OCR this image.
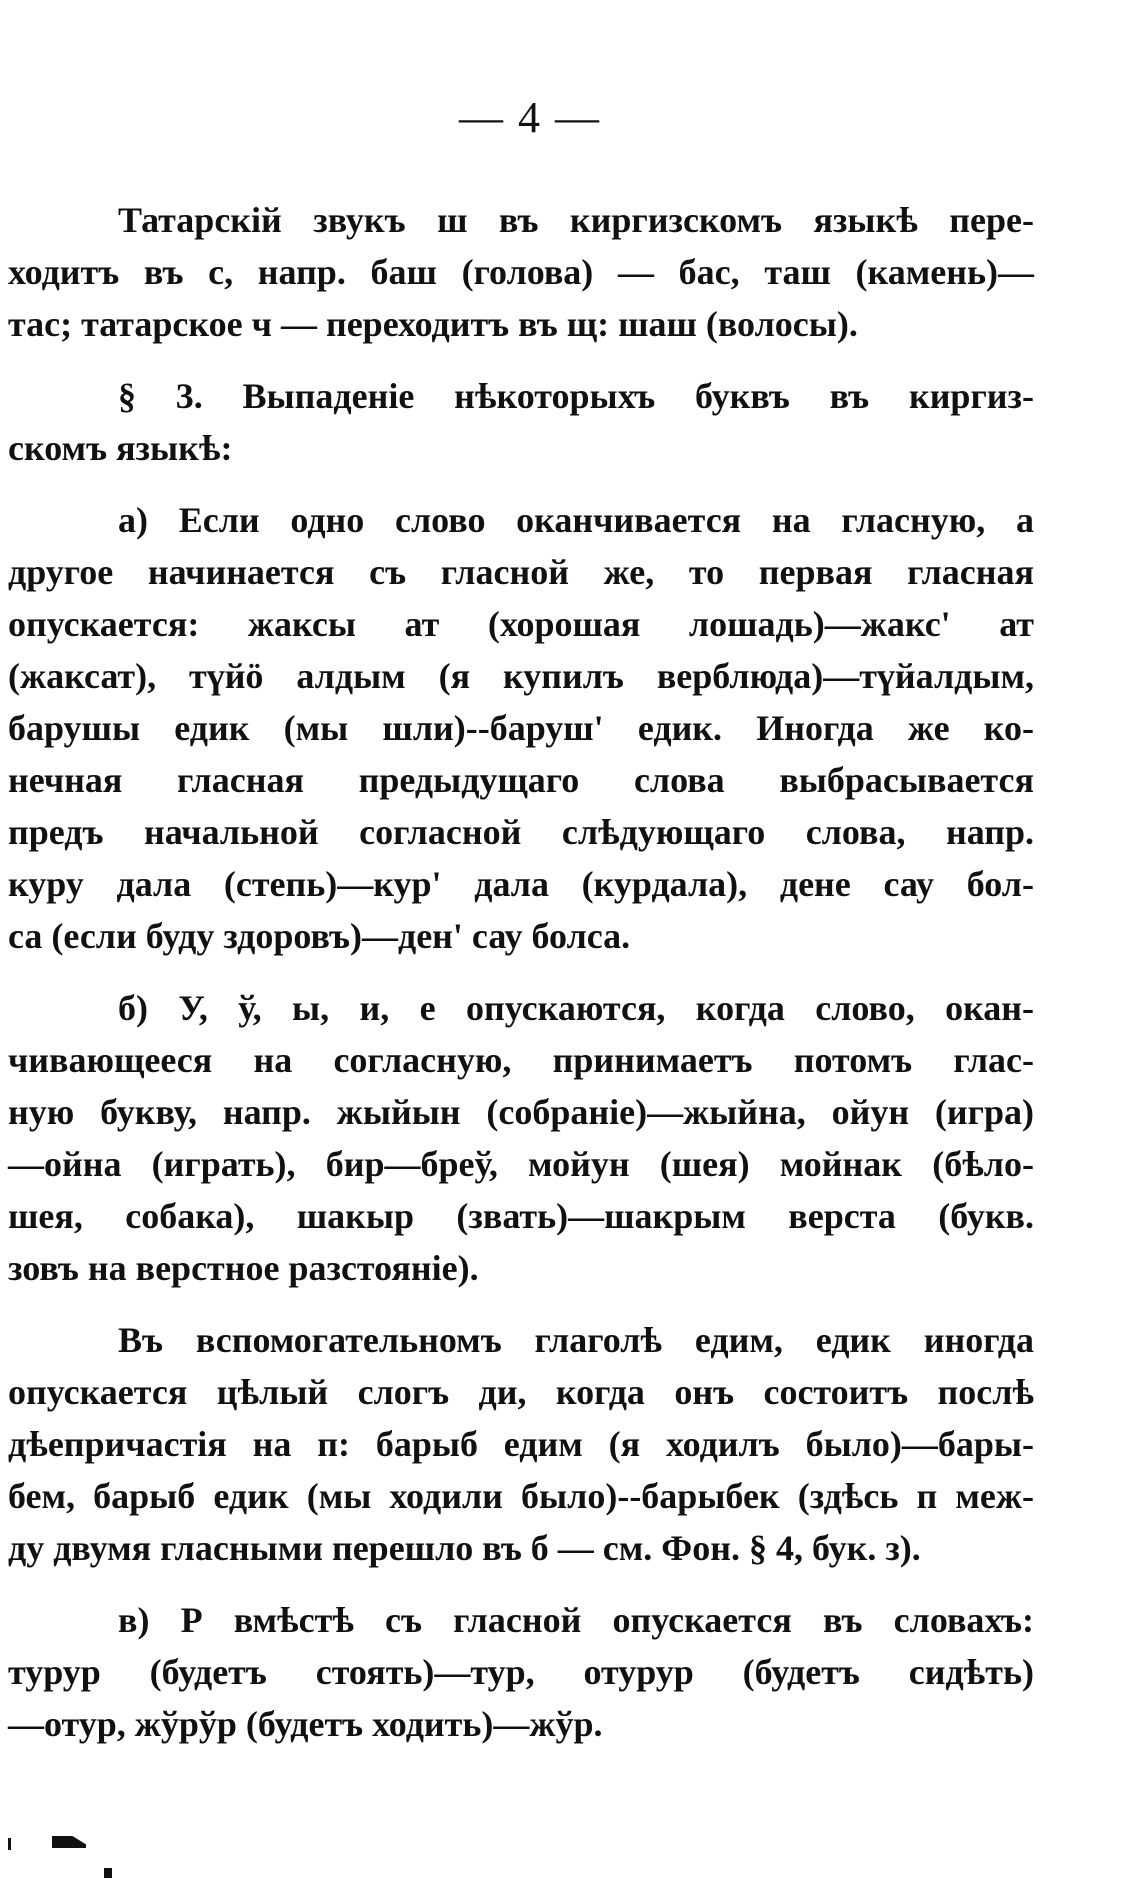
— 4 —
Татарскій звукъ ш въ киргизскомъ языкѣ пере-
ходитъ въ с, напр. баш (голова) — бас, таш (камень)—
тас; татарское ч — переходитъ въ щ: шаш (волосы).
§ 3. Выпаденіе нѣкоторыхъ буквъ въ киргиз-
скомъ языкѣ:
а) Если одно слово оканчивается на гласную, а
другое начинается съ гласной же, то первая гласная
опускается: жаксы ат (хорошая лошадь)—жакс' ат
(жаксат), түйö алдым (я купилъ верблюда)—түйалдым,
барушы едик (мы шли)--баруш' едик. Иногда же ко-
нечная гласная предыдущаго слова выбрасывается
предъ начальной согласной слѣдующаго слова, напр.
куру дала (степь)—кур' дала (курдала), дене сау бол-
са (если буду здоровъ)—ден' сау болса.
б) У, ў, ы, и, е опускаются, когда слово, окан-
чивающееся на согласную, принимаетъ потомъ глас-
ную букву, напр. жыйын (собраніе)—жыйна, ойун (игра)
—ойна (играть), бир—бреў, мойун (шея) мойнак (бѣло-
шея, собака), шакыр (звать)—шакрым верста (букв.
зовъ на верстное разстояніе).
Въ вспомогательномъ глаголѣ едим, едик иногда
опускается цѣлый слогъ ди, когда онъ состоитъ послѣ
дѣепричастія на п: барыб едим (я ходилъ было)—бары-
бем, барыб едик (мы ходили было)--барыбек (здѣсь п меж-
ду двумя гласными перешло въ б — см. Фон. § 4, бук. з).
в) Р вмѣстѣ съ гласной опускается въ словахъ:
турур (будетъ стоять)—тур, отурур (будетъ сидѣть)
—отур, жўрўр (будетъ ходить)—жўр.
